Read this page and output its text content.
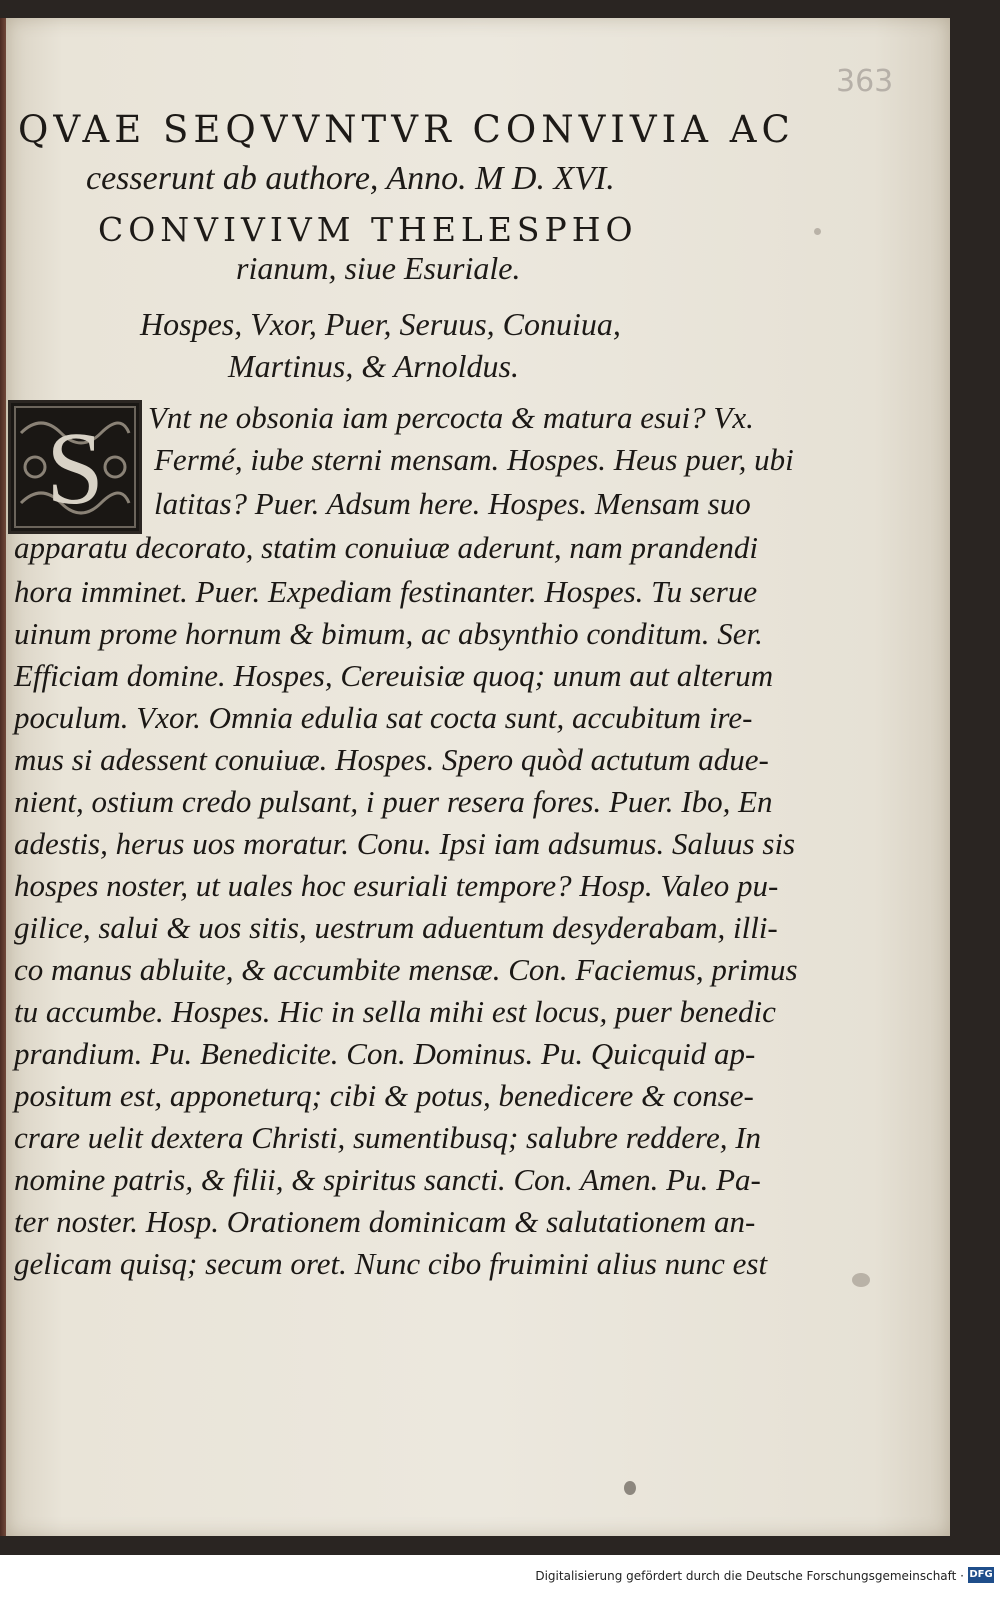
363
QVAE SEQVVNTVR CONVIVIA AC
cesserunt ab authore, Anno. M D. XVI.
CONVIVIVM THELESPHO
rianum, siue Esuriale.
Hospes, Vxor, Puer, Seruus, Conuiua,
Martinus, & Arnoldus.
S Vnt ne obsonia iam percocta & matura esui? Vx.
Fermé, iube sterni mensam. Hospes. Heus puer, ubi
latitas? Puer. Adsum here. Hospes. Mensam suo
apparatu decorato, statim conuiuæ aderunt, nam prandendi
hora imminet. Puer. Expediam festinanter. Hospes. Tu serue
uinum prome hornum & bimum, ac absynthio conditum. Ser.
Efficiam domine. Hospes, Cereuisiæ quoq; unum aut alterum
poculum. Vxor. Omnia edulia sat cocta sunt, accubitum ire-
mus si adessent conuiuæ. Hospes. Spero quòd actutum adue-
nient, ostium credo pulsant, i puer resera fores. Puer. Ibo, En
adestis, herus uos moratur. Conu. Ipsi iam adsumus. Saluus sis
hospes noster, ut uales hoc esuriali tempore? Hosp. Valeo pu-
gilice, salui & uos sitis, uestrum aduentum desyderabam, illi-
co manus abluite, & accumbite mensæ. Con. Faciemus, primus
tu accumbe. Hospes. Hic in sella mihi est locus, puer benedic
prandium. Pu. Benedicite. Con. Dominus. Pu. Quicquid ap-
positum est, apponeturq; cibi & potus, benedicere & conse-
crare uelit dextera Christi, sumentibusq; salubre reddere, In
nomine patris, & filii, & spiritus sancti. Con. Amen. Pu. Pa-
ter noster. Hosp. Orationem dominicam & salutationem an-
gelicam quisq; secum oret. Nunc cibo fruimini alius nunc est
Digitalisierung gefördert durch die Deutsche Forschungsgemeinschaft · DFG
